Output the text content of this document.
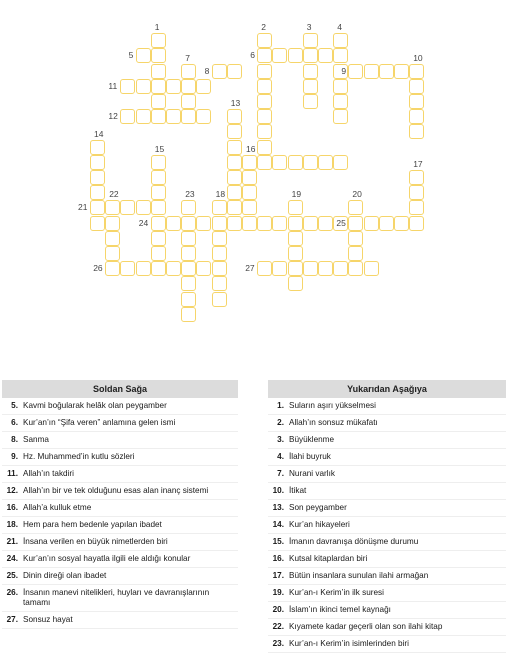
1	2	3	4
5	6
7
8	9
10
11
12
13
14
15	16
17
18	19	20
21
22	23
24	25
26	27
Soldan Sağa
5. Kavmi boğularak helâk olan peygamber
6. Kur’an’ın “Şifa veren” anlamına gelen ismi
8. Sanma
9. Hz. Muhammed’in kutlu sözleri
11. Allah’ın takdiri
12. Allah’ın bir ve tek olduğunu esas alan inanç sistemi
16. Allah’a kulluk etme
18. Hem para hem bedenle yapılan ibadet
21. İnsana verilen en büyük nimetlerden biri
24. Kur’an’ın sosyal hayatla ilgili ele aldığı konular
25. Dinin direği olan ibadet
26. İnsanın manevi nitelikleri, huyları ve davranışlarının tamamı
27. Sonsuz hayat
Yukarıdan Aşağıya
1. Suların aşırı yükselmesi
2. Allah’ın sonsuz mükafatı
3. Büyüklenme
4. İlahi buyruk
7. Nurani varlık
10. İtikat
13. Son peygamber
14. Kur’an hikayeleri
15. İmanın davranışa dönüşme durumu
16. Kutsal kitaplardan biri
17. Bütün insanlara sunulan ilahi armağan
19. Kur’an-ı Kerim’in ilk suresi
20. İslam’ın ikinci temel kaynağı
22. Kıyamete kadar geçerli olan son ilahi kitap
23. Kur’an-ı Kerim’in isimlerinden biri
